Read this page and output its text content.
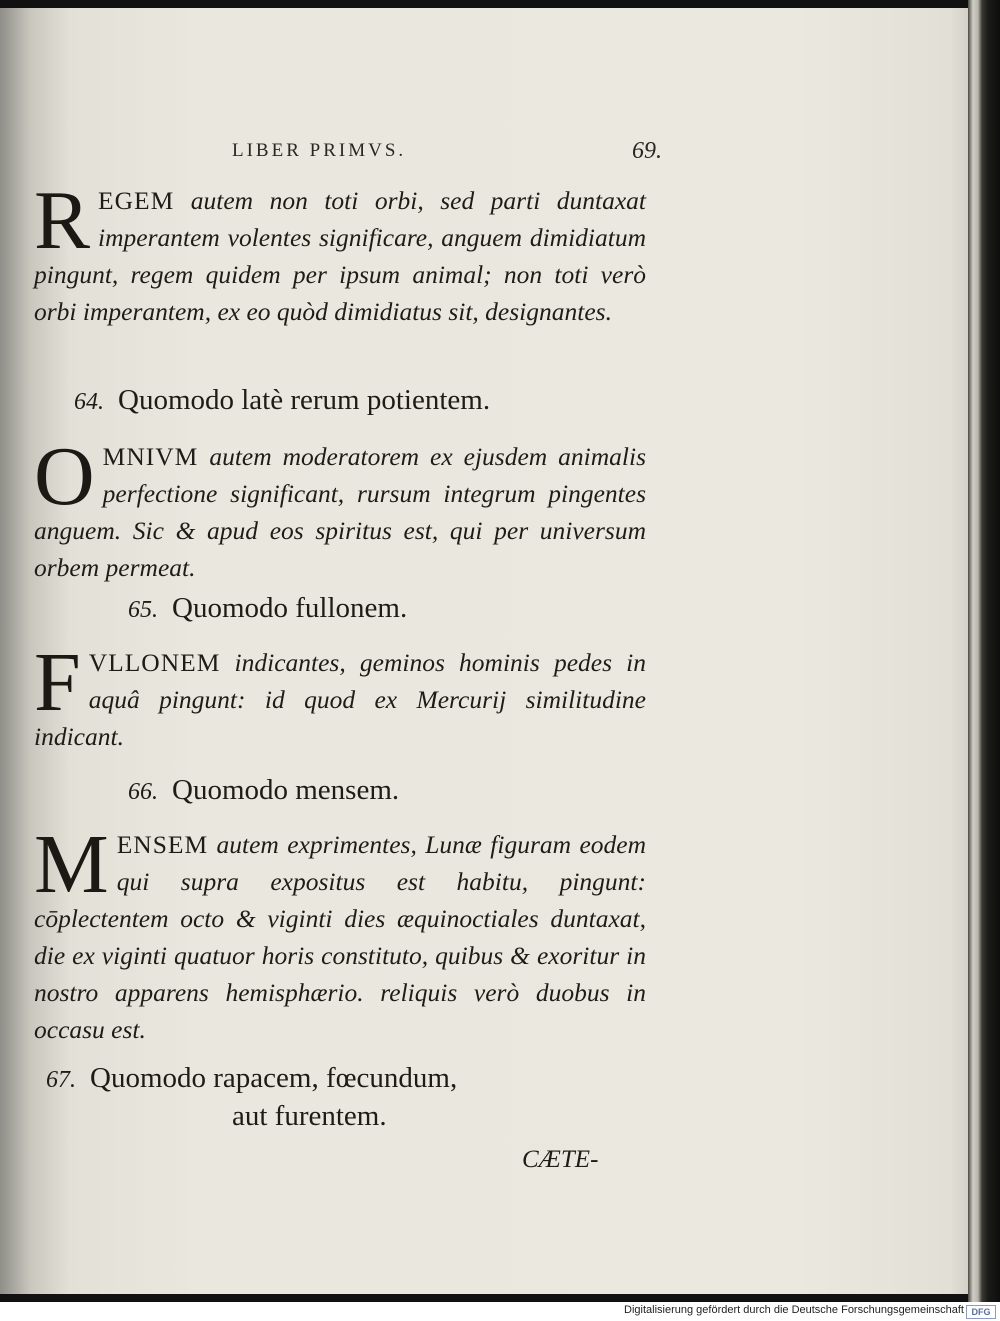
LIBER PRIMVS.	69.
R EGEM autem non toti orbi, sed parti duntaxat imperantem volentes significare, anguem dimidiatum pingunt, regem quidem per ipsum animal; non toti verò orbi imperantem, ex eo quòd dimidiatus sit, designantes.
64. Quomodo latè rerum potientem.
O MNIVM autem moderatorem ex ejusdem animalis perfectione significant, rursum integrum pingentes anguem. Sic & apud eos spiritus est, qui per universum orbem permeat.
65. Quomodo fullonem.
F VLLONEM indicantes, geminos hominis pedes in aquâ pingunt: id quod ex Mercurij similitudine indicant.
66. Quomodo mensem.
M ENSEM autem exprimentes, Lunæ figuram eodem qui supra expositus est habitu, pingunt: cōplectentem octo & viginti dies æquinoctiales duntaxat, die ex viginti quatuor horis constituto, quibus & exoritur in nostro apparens hemisphærio. reliquis verò duobus in occasu est.
67. Quomodo rapacem, fœcundum,
aut furentem.
CÆTE-
Digitalisierung gefördert durch die Deutsche Forschungsgemeinschaft DFG
